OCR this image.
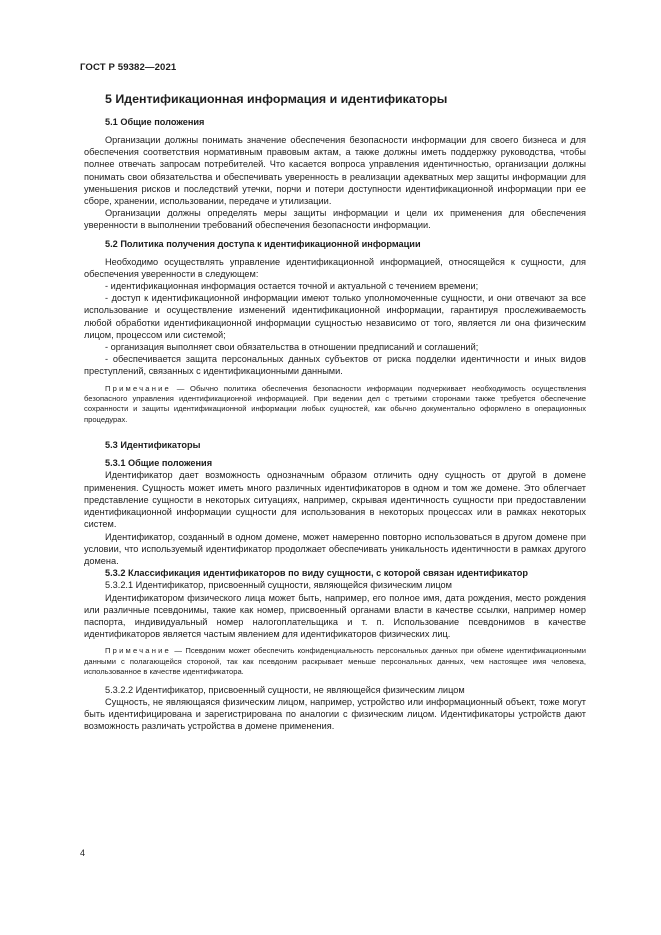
ГОСТ Р 59382—2021
5 Идентификационная информация и идентификаторы
5.1 Общие положения

Организации должны понимать значение обеспечения безопасности информации для своего бизнеса и для обеспечения соответствия нормативным правовым актам, а также должны иметь поддержку руководства, чтобы полнее отвечать запросам потребителей. Что касается вопроса управления идентичностью, организации должны понимать свои обязательства и обеспечивать уверенность в реализации адекватных мер защиты информации для уменьшения рисков и последствий утечки, порчи и потери доступности идентификационной информации при ее сборе, хранении, использовании, передаче и утилизации.

Организации должны определять меры защиты информации и цели их применения для обеспечения уверенности в выполнении требований обеспечения безопасности информации.

5.2 Политика получения доступа к идентификационной информации

Необходимо осуществлять управление идентификационной информацией, относящейся к сущности, для обеспечения уверенности в следующем:

- идентификационная информация остается точной и актуальной с течением времени;

- доступ к идентификационной информации имеют только уполномоченные сущности, и они отвечают за все использование и осуществление изменений идентификационной информации, гарантируя прослеживаемость любой обработки идентификационной информации сущностью независимо от того, является ли она физическим лицом, процессом или системой;

- организация выполняет свои обязательства в отношении предписаний и соглашений;

- обеспечивается защита персональных данных субъектов от риска подделки идентичности и иных видов преступлений, связанных с идентификационными данными.

Примечание — Обычно политика обеспечения безопасности информации подчеркивает необходимость осуществления безопасного управления идентификационной информацией. При ведении дел с третьими сторонами также требуется обеспечение сохранности и защиты идентификационной информации любых сущностей, как обычно документально оформлено в операционных процедурах.

5.3 Идентификаторы
5.3.1 Общие положения

Идентификатор дает возможность однозначным образом отличить одну сущность от другой в домене применения. Сущность может иметь много различных идентификаторов в одном и том же домене. Это облегчает представление сущности в некоторых ситуациях, например, скрывая идентичность сущности при предоставлении идентификационной информации сущности для использования в некоторых процессах или в рамках некоторых систем.

Идентификатор, созданный в одном домене, может намеренно повторно использоваться в другом домене при условии, что используемый идентификатор продолжает обеспечивать уникальность идентичности в рамках другого домена.

5.3.2 Классификация идентификаторов по виду сущности, с которой связан идентификатор

5.3.2.1 Идентификатор, присвоенный сущности, являющейся физическим лицом

Идентификатором физического лица может быть, например, его полное имя, дата рождения, место рождения или различные псевдонимы, такие как номер, присвоенный органами власти в качестве ссылки, например номер паспорта, индивидуальный номер налогоплательщика и т. п. Использование псевдонимов в качестве идентификаторов является частым явлением для идентификаторов физических лиц.

Примечание — Псевдоним может обеспечить конфиденциальность персональных данных при обмене идентификационными данными с полагающейся стороной, так как псевдоним раскрывает меньше персональных данных, чем настоящее имя человека, использованное в качестве идентификатора.

5.3.2.2 Идентификатор, присвоенный сущности, не являющейся физическим лицом

Сущность, не являющаяся физическим лицом, например, устройство или информационный объект, тоже могут быть идентифицирована и зарегистрирована по аналогии с физическим лицом. Идентификаторы устройств дают возможность различать устройства в домене применения.

4
